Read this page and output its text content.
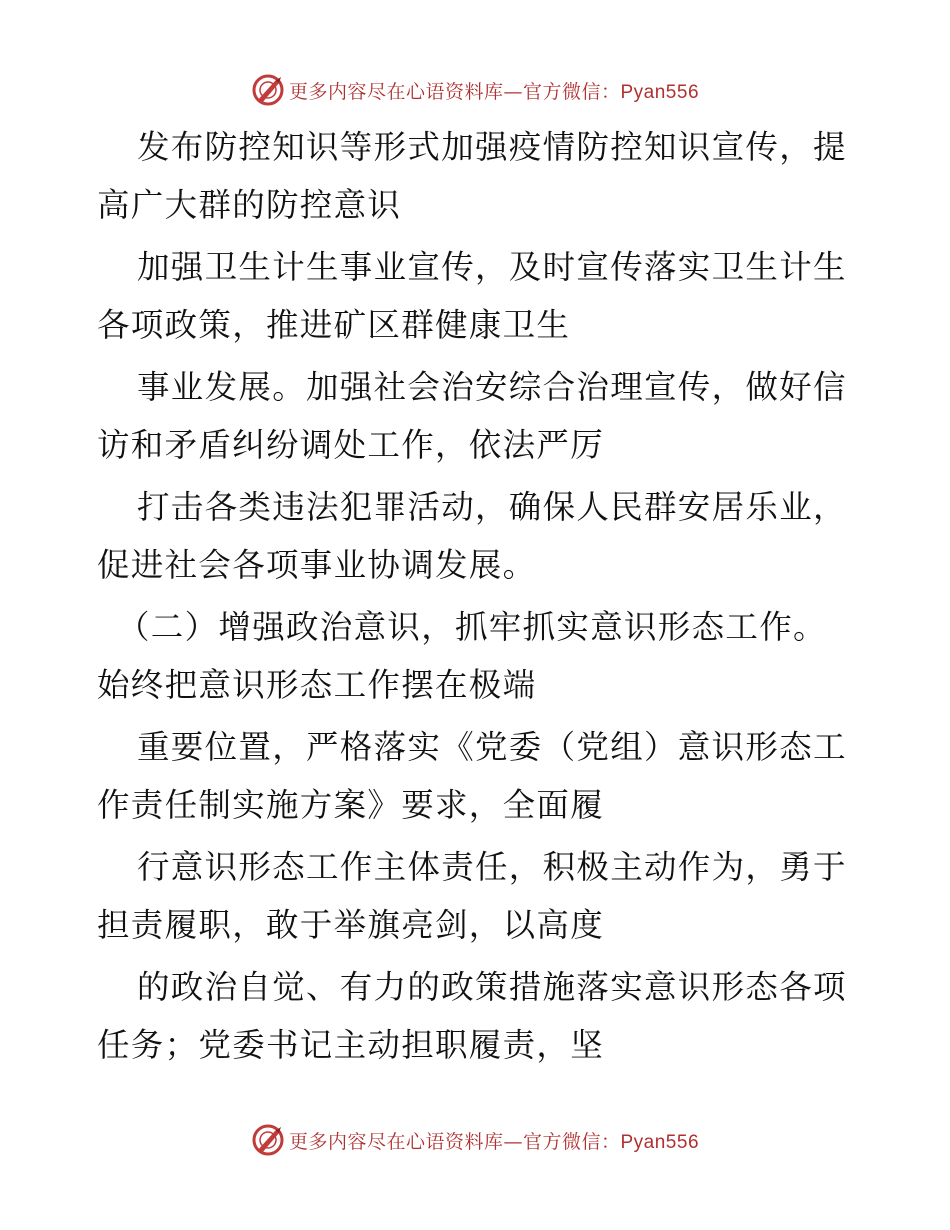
更多内容尽在心语资料库—官方微信：Pyan556
发布防控知识等形式加强疫情防控知识宣传，提
高广大群的防控意识
加强卫生计生事业宣传，及时宣传落实卫生计生
各项政策，推进矿区群健康卫生
事业发展。加强社会治安综合治理宣传，做好信
访和矛盾纠纷调处工作，依法严厉
打击各类违法犯罪活动，确保人民群安居乐业，
促进社会各项事业协调发展。
（二）增强政治意识，抓牢抓实意识形态工作。
始终把意识形态工作摆在极端
重要位置，严格落实《党委（党组）意识形态工
作责任制实施方案》要求，全面履
行意识形态工作主体责任，积极主动作为，勇于
担责履职，敢于举旗亮剑，以高度
的政治自觉、有力的政策措施落实意识形态各项
任务；党委书记主动担职履责，坚
更多内容尽在心语资料库—官方微信：Pyan556
